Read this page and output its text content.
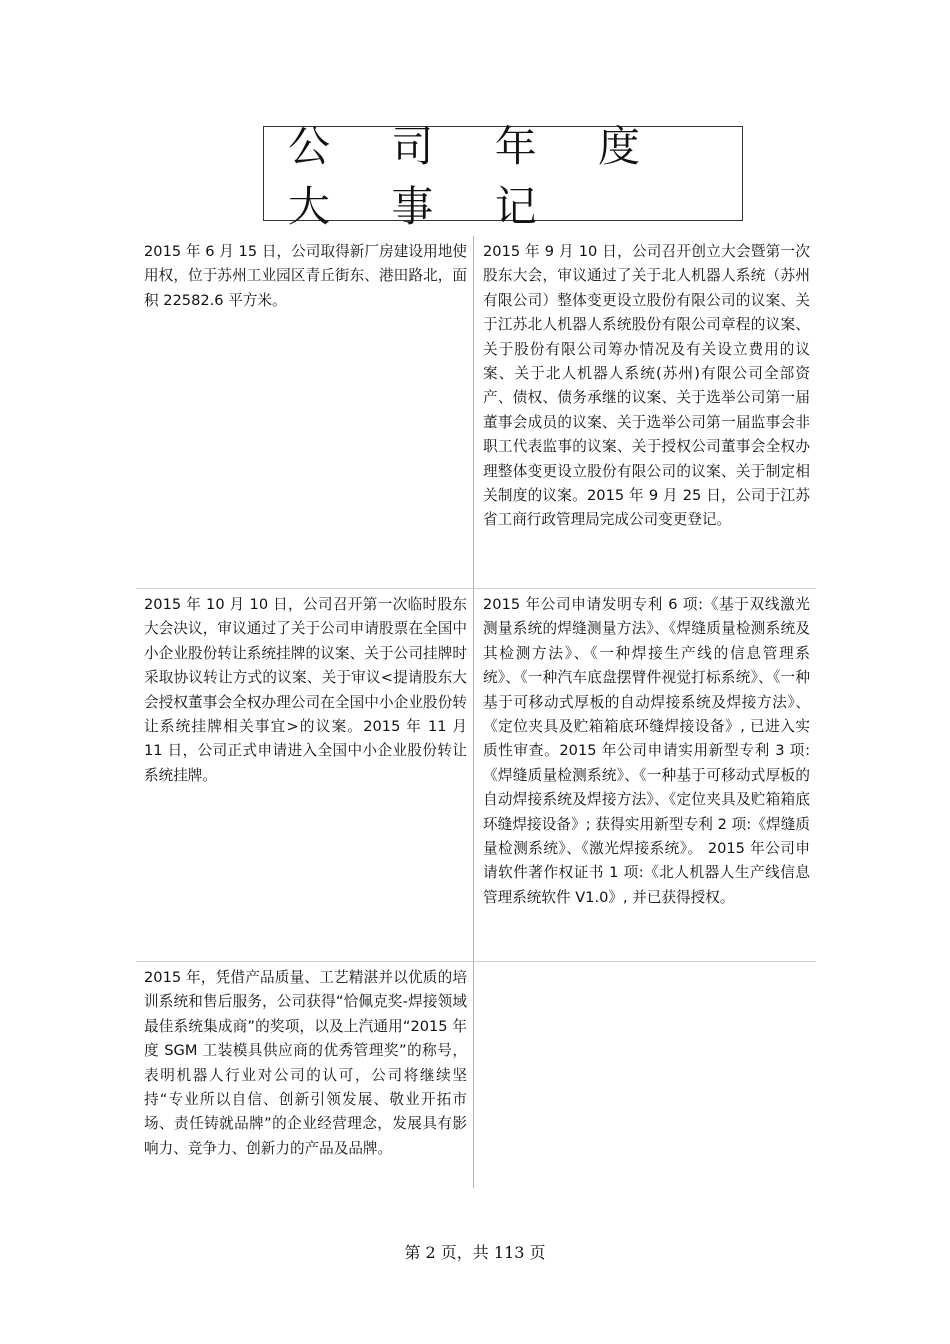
公 司 年 度 大 事 记
2015 年 6 月 15 日，公司取得新厂房建设用地使用权，位于苏州工业园区青丘街东、港田路北，面积 22582.6 平方米。
2015 年 9 月 10 日，公司召开创立大会暨第一次股东大会，审议通过了关于北人机器人系统（苏州有限公司）整体变更设立股份有限公司的议案、关于江苏北人机器人系统股份有限公司章程的议案、关于股份有限公司筹办情况及有关设立费用的议案、关于北人机器人系统(苏州)有限公司全部资产、债权、债务承继的议案、关于选举公司第一届董事会成员的议案、关于选举公司第一届监事会非职工代表监事的议案、关于授权公司董事会全权办理整体变更设立股份有限公司的议案、关于制定相关制度的议案。2015 年 9 月 25 日，公司于江苏省工商行政管理局完成公司变更登记。
2015 年 10 月 10 日，公司召开第一次临时股东大会决议，审议通过了关于公司申请股票在全国中小企业股份转让系统挂牌的议案、关于公司挂牌时采取协议转让方式的议案、关于审议<提请股东大会授权董事会全权办理公司在全国中小企业股份转让系统挂牌相关事宜>的议案。2015 年 11 月 11 日，公司正式申请进入全国中小企业股份转让系统挂牌。
2015 年公司申请发明专利 6 项:《基于双线激光测量系统的焊缝测量方法》、《焊缝质量检测系统及其检测方法》、《一种焊接生产线的信息管理系统》、《一种汽车底盘摆臂件视觉打标系统》、《一种基于可移动式厚板的自动焊接系统及焊接方法》、《定位夹具及贮箱箱底环缝焊接设备》, 已进入实质性审查。2015 年公司申请实用新型专利 3 项:《焊缝质量检测系统》、《一种基于可移动式厚板的自动焊接系统及焊接方法》、《定位夹具及贮箱箱底环缝焊接设备》; 获得实用新型专利 2 项:《焊缝质量检测系统》、《激光焊接系统》。 2015 年公司申请软件著作权证书 1 项:《北人机器人生产线信息管理系统软件 V1.0》, 并已获得授权。
2015 年，凭借产品质量、工艺精湛并以优质的培训系统和售后服务，公司获得“恰佩克奖-焊接领域最佳系统集成商”的奖项，以及上汽通用“2015 年度 SGM 工装模具供应商的优秀管理奖”的称号，表明机器人行业对公司的认可，公司将继续坚持“专业所以自信、创新引领发展、敬业开拓市场、责任铸就品牌”的企业经营理念，发展具有影响力、竞争力、创新力的产品及品牌。
第 2 页，共 113 页
